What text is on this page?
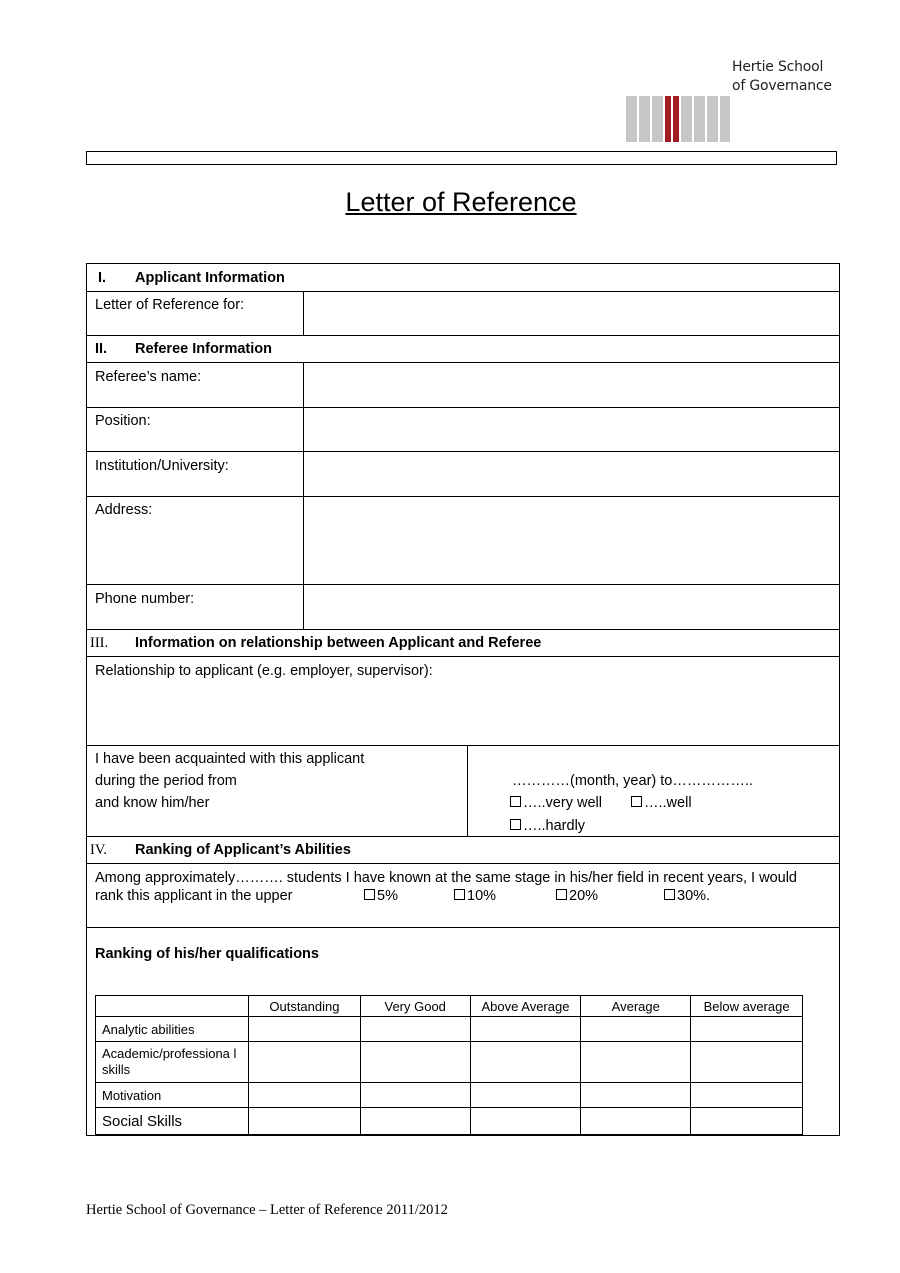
Hertie School
of Governance
Letter of Reference
I. Applicant Information
Letter of Reference for:
II. Referee Information
Referee’s name:
Position:
Institution/University:
Address:
Phone number:
III. Information on relationship between Applicant and Referee
Relationship to applicant (e.g. employer, supervisor):
I have been acquainted with this applicant
during the period from
and know him/her
…………(month, year) to……………..
…..very well	…..well
…..hardly
IV. Ranking of Applicant’s Abilities
Among approximately………. students I have known at the same stage in his/her field in recent years, I would
rank this applicant in the upper	5%	10%	20%	30%.
Ranking of his/her qualifications
	Outstanding	Very Good	Above Average	Average	Below average
Analytic abilities					

Academic/professiona l skills					

Motivation					
Social Skills					
Hertie School of Governance – Letter of Reference 2011/2012
